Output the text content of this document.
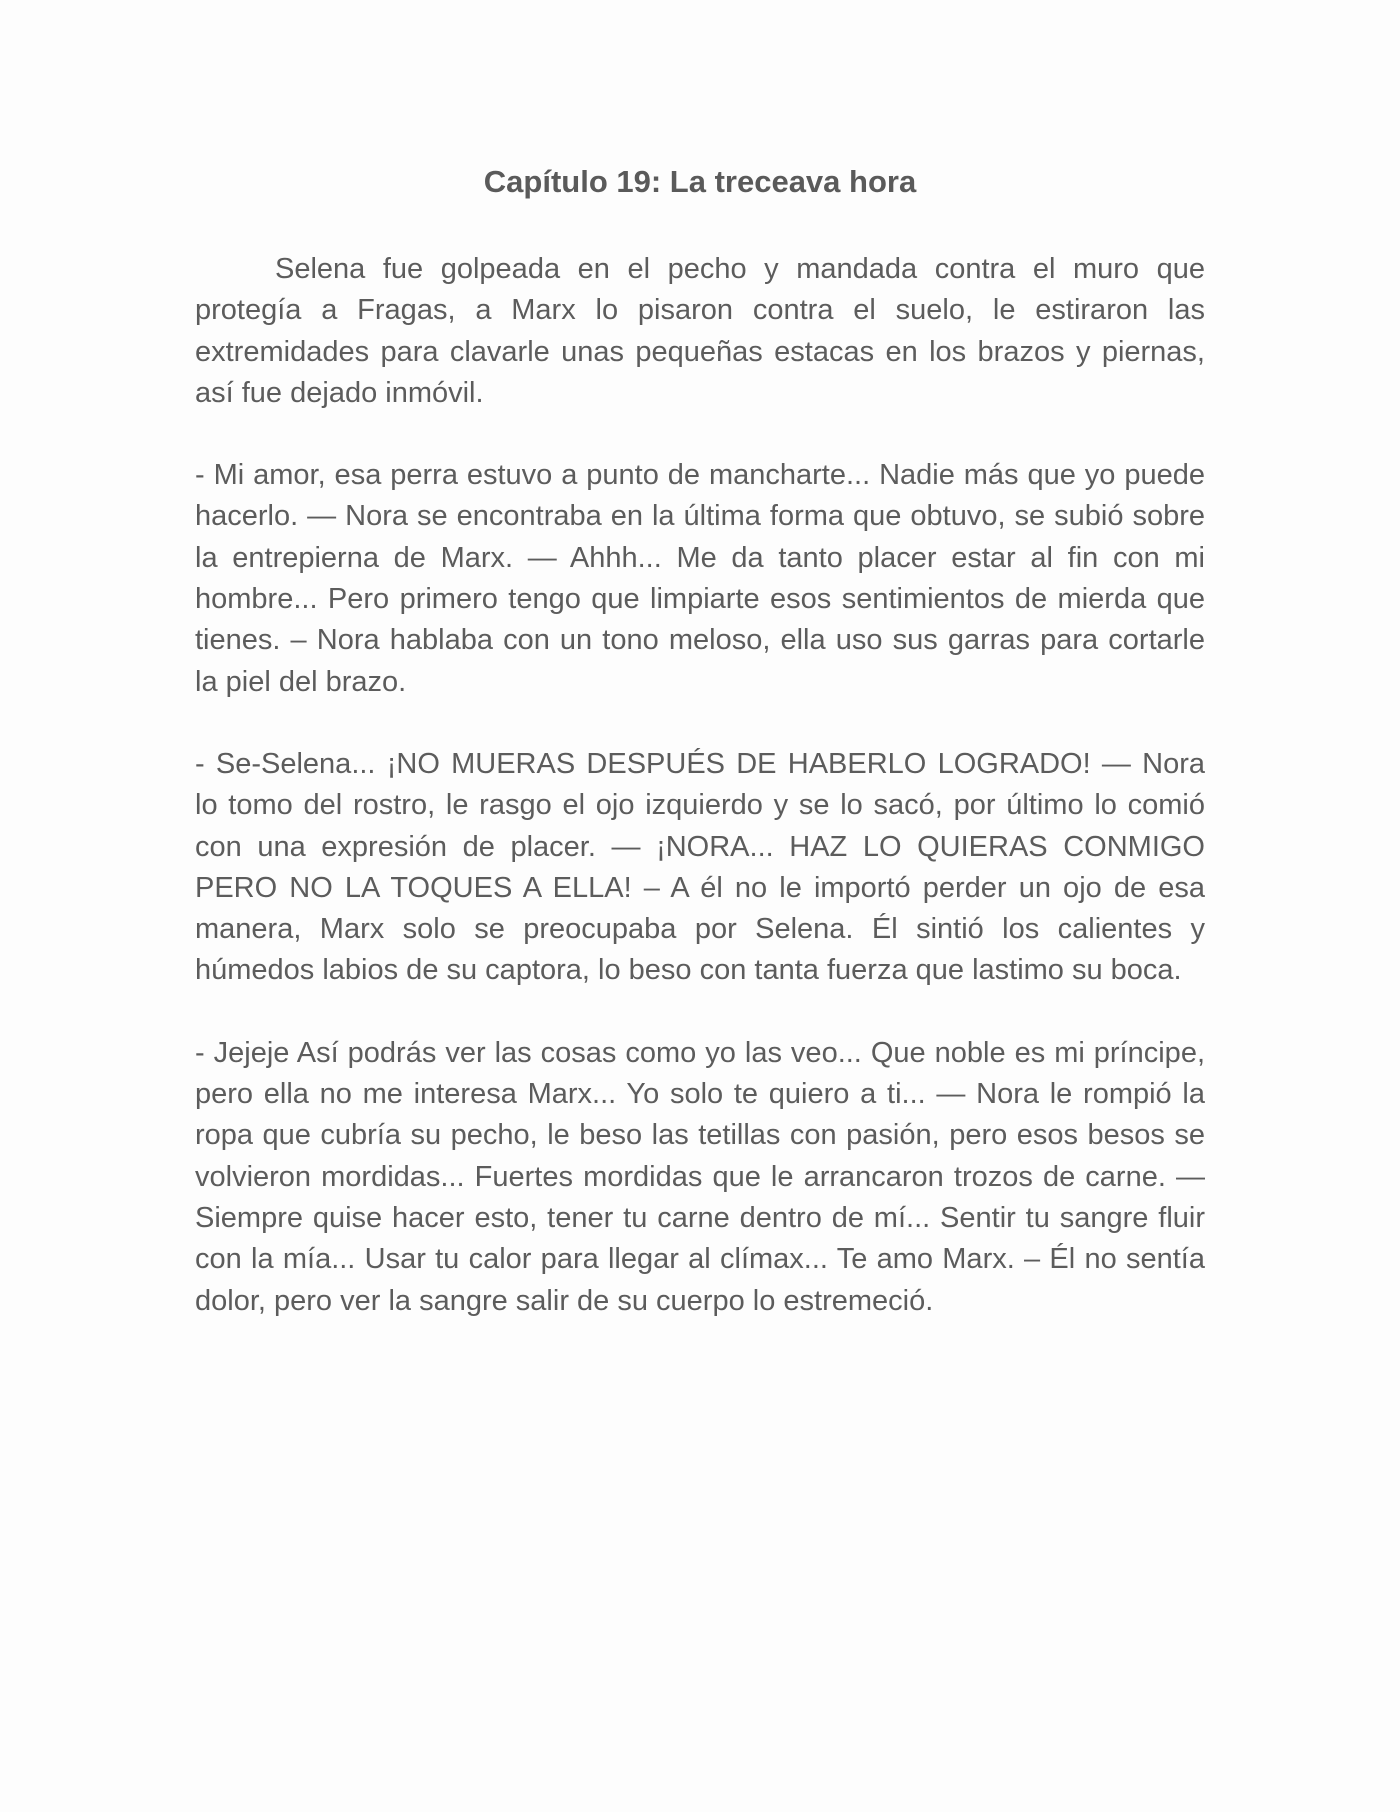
Capítulo 19: La treceava hora

Selena fue golpeada en el pecho y mandada contra el muro que protegía a Fragas, a Marx lo pisaron contra el suelo, le estiraron las extremidades para clavarle unas pequeñas estacas en los brazos y piernas, así fue dejado inmóvil.

- Mi amor, esa perra estuvo a punto de mancharte... Nadie más que yo puede hacerlo. — Nora se encontraba en la última forma que obtuvo, se subió sobre la entrepierna de Marx. — Ahhh... Me da tanto placer estar al fin con mi hombre... Pero primero tengo que limpiarte esos sentimientos de mierda que tienes. – Nora hablaba con un tono meloso, ella uso sus garras para cortarle la piel del brazo.

- Se-Selena... ¡NO MUERAS DESPUÉS DE HABERLO LOGRADO! — Nora lo tomo del rostro, le rasgo el ojo izquierdo y se lo sacó, por último lo comió con una expresión de placer. — ¡NORA... HAZ LO QUIERAS CONMIGO PERO NO LA TOQUES A ELLA! – A él no le importó perder un ojo de esa manera, Marx solo se preocupaba por Selena. Él sintió los calientes y húmedos labios de su captora, lo beso con tanta fuerza que lastimo su boca.

- Jejeje Así podrás ver las cosas como yo las veo... Que noble es mi príncipe, pero ella no me interesa Marx... Yo solo te quiero a ti... — Nora le rompió la ropa que cubría su pecho, le beso las tetillas con pasión, pero esos besos se volvieron mordidas... Fuertes mordidas que le arrancaron trozos de carne. — Siempre quise hacer esto, tener tu carne dentro de mí... Sentir tu sangre fluir con la mía... Usar tu calor para llegar al clímax... Te amo Marx. – Él no sentía dolor, pero ver la sangre salir de su cuerpo lo estremeció.
